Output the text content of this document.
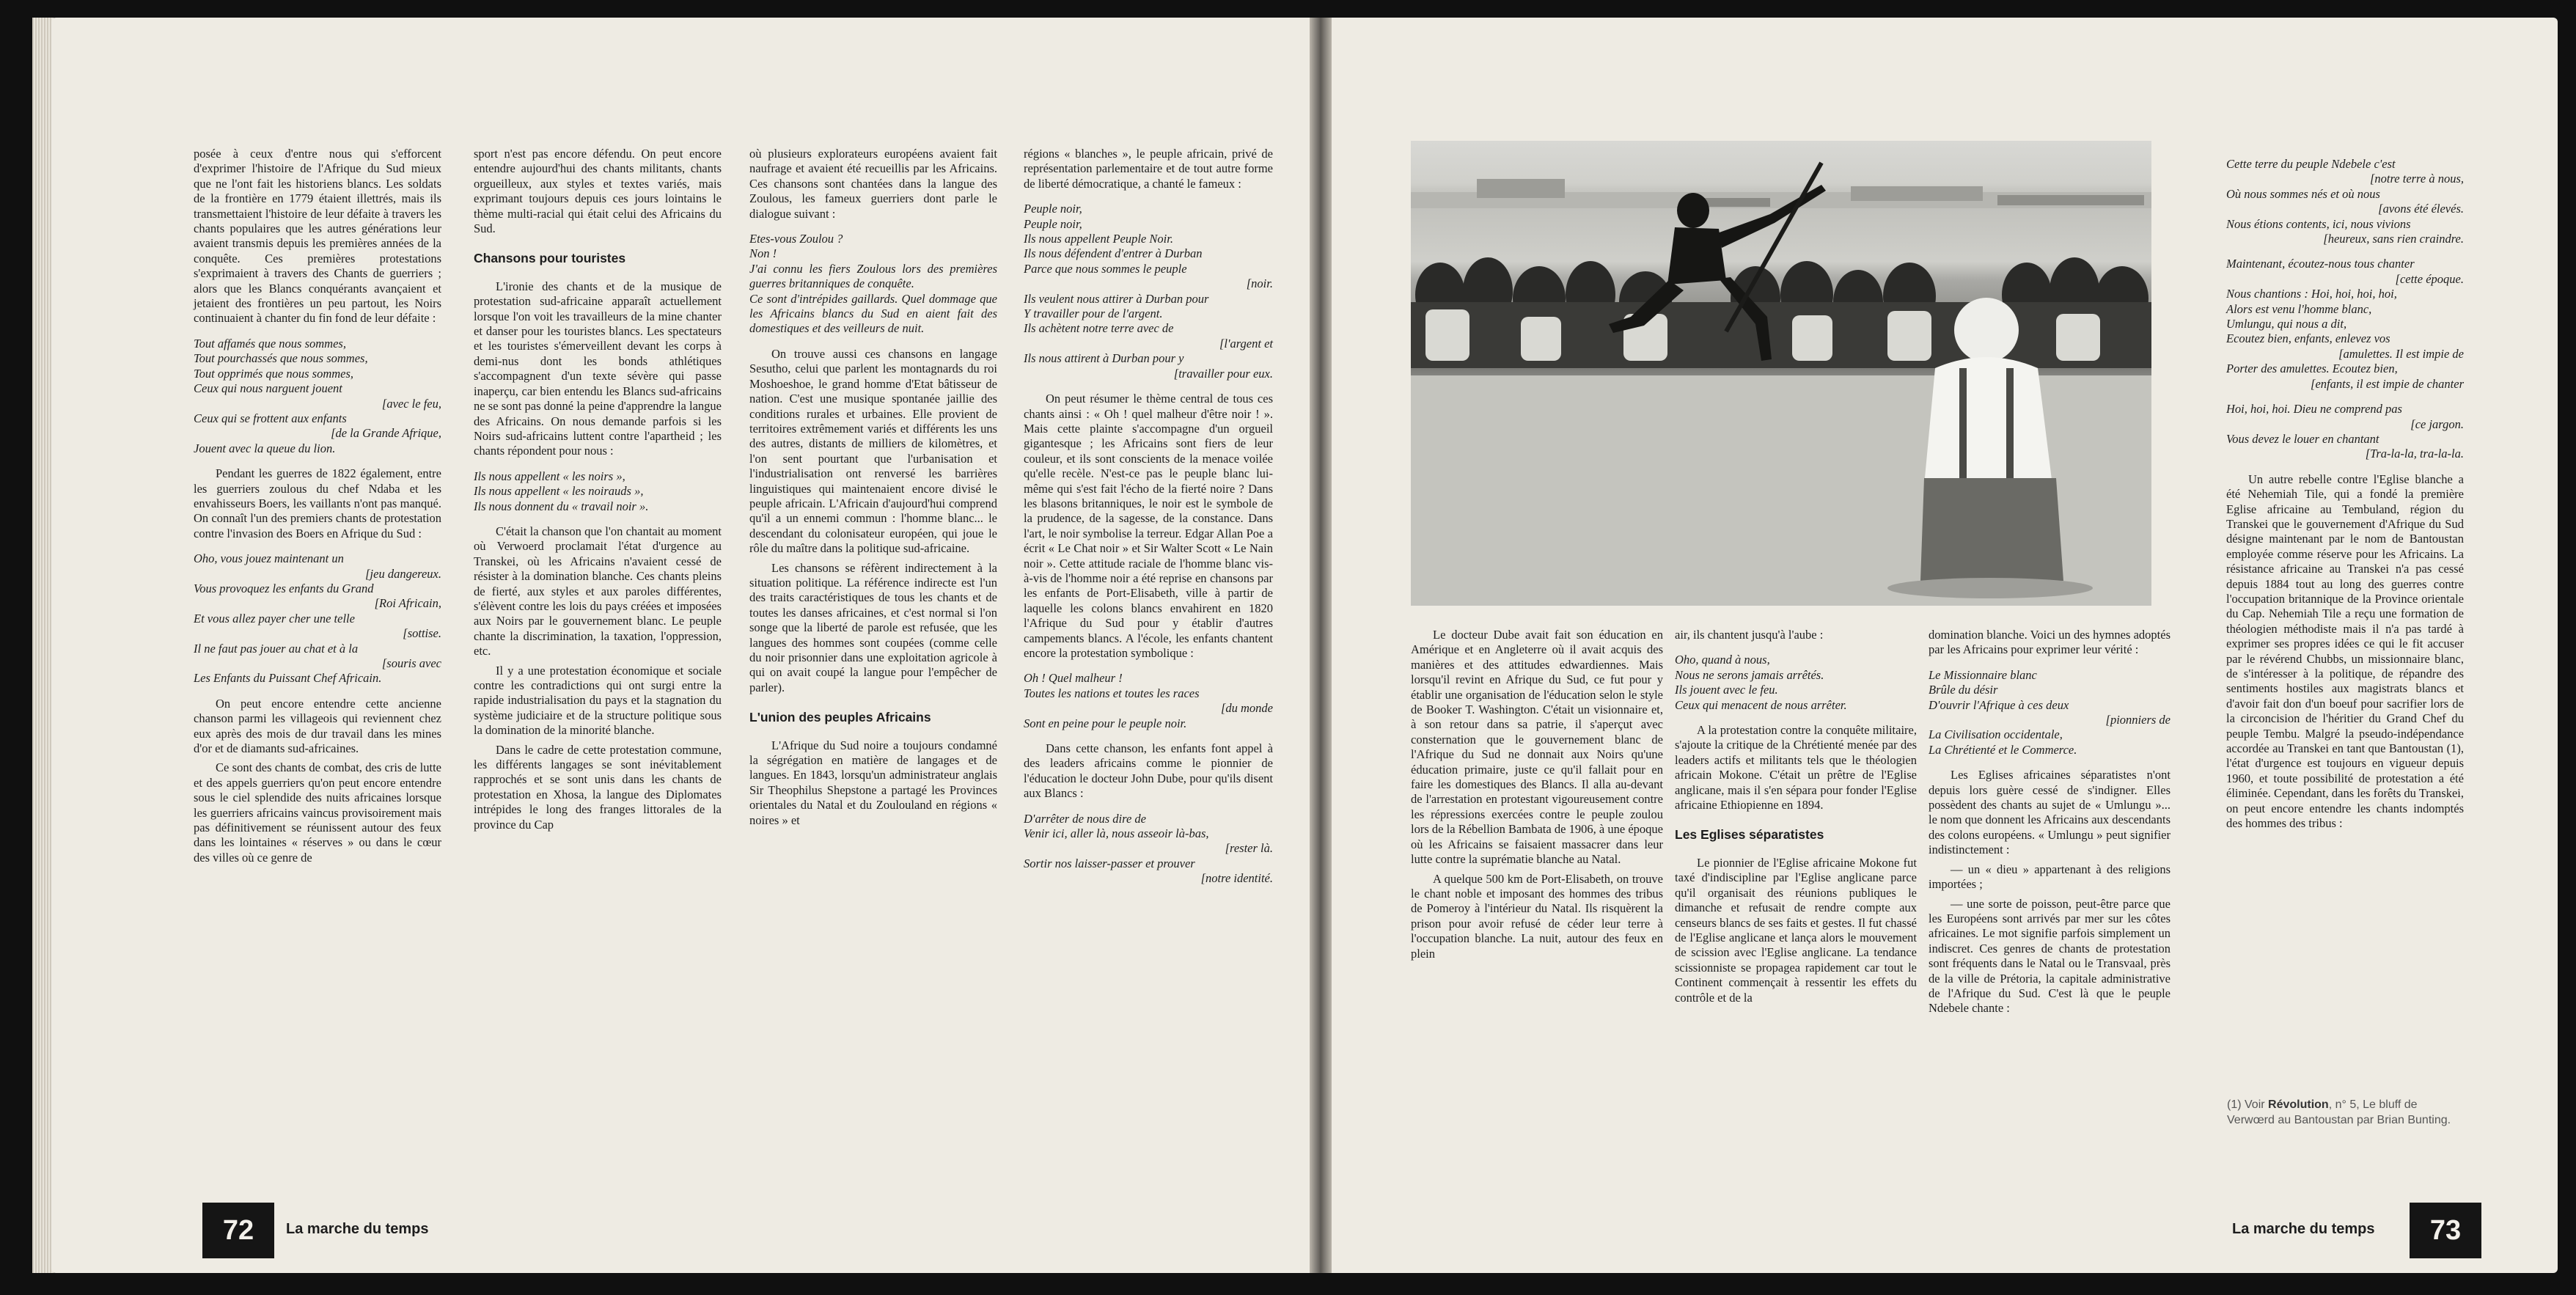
posée à ceux d'entre nous qui s'efforcent d'exprimer l'histoire de l'Afrique du Sud mieux que ne l'ont fait les historiens blancs. Les soldats de la frontière en 1779 étaient illettrés, mais ils transmettaient l'histoire de leur défaite à travers les chants populaires que les autres générations leur avaient transmis depuis les premières années de la conquête. Ces premières protestations s'exprimaient à travers des Chants de guerriers ; alors que les Blancs conquérants avançaient et jetaient des frontières un peu partout, les Noirs continuaient à chanter du fin fond de leur défaite :

Tout affamés que nous sommes,
Tout pourchassés que nous sommes,
Tout opprimés que nous sommes,
Ceux qui nous narguent jouent
[avec le feu,
Ceux qui se frottent aux enfants
[de la Grande Afrique,
Jouent avec la queue du lion.

Pendant les guerres de 1822 également, entre les guerriers zoulous du chef Ndaba et les envahisseurs Boers, les vaillants n'ont pas manqué. On connaît l'un des premiers chants de protestation contre l'invasion des Boers en Afrique du Sud :

Oho, vous jouez maintenant un
[jeu dangereux.
Vous provoquez les enfants du Grand
[Roi Africain,
Et vous allez payer cher une telle
[sottise.
Il ne faut pas jouer au chat et à la
[souris avec
Les Enfants du Puissant Chef Africain.

On peut encore entendre cette ancienne chanson parmi les villageois qui reviennent chez eux après des mois de dur travail dans les mines d'or et de diamants sud-africaines.

Ce sont des chants de combat, des cris de lutte et des appels guerriers qu'on peut encore entendre sous le ciel splendide des nuits africaines lorsque les guerriers africains vaincus provisoirement mais pas définitivement se réunissent autour des feux dans les lointaines « réserves » ou dans le cœur des villes où ce genre de

sport n'est pas encore défendu. On peut encore entendre aujourd'hui des chants militants, chants orgueilleux, aux styles et textes variés, mais exprimant toujours depuis ces jours lointains le thème multi-racial qui était celui des Africains du Sud.

Chansons pour touristes

L'ironie des chants et de la musique de protestation sud-africaine apparaît actuellement lorsque l'on voit les travailleurs de la mine chanter et danser pour les touristes blancs. Les spectateurs et les touristes s'émerveillent devant les corps à demi-nus dont les bonds athlétiques s'accompagnent d'un texte sévère qui passe inaperçu, car bien entendu les Blancs sud-africains ne se sont pas donné la peine d'apprendre la langue des Africains. On nous demande parfois si les Noirs sud-africains luttent contre l'apartheid ; les chants répondent pour nous :

Ils nous appellent « les noirs »,
Ils nous appellent « les noirauds »,
Ils nous donnent du « travail noir ».

C'était la chanson que l'on chantait au moment où Verwoerd proclamait l'état d'urgence au Transkei, où les Africains n'avaient cessé de résister à la domination blanche. Ces chants pleins de fierté, aux styles et aux paroles différentes, s'élèvent contre les lois du pays créées et imposées aux Noirs par le gouvernement blanc. Le peuple chante la discrimination, la taxation, l'oppression, etc.

Il y a une protestation économique et sociale contre les contradictions qui ont surgi entre la rapide industrialisation du pays et la stagnation du système judiciaire et de la structure politique sous la domination de la minorité blanche.

Dans le cadre de cette protestation commune, les différents langages se sont inévitablement rapprochés et se sont unis dans les chants de protestation en Xhosa, la langue des Diplomates intrépides le long des franges littorales de la province du Cap

où plusieurs explorateurs européens avaient fait naufrage et avaient été recueillis par les Africains. Ces chansons sont chantées dans la langue des Zoulous, les fameux guerriers dont parle le dialogue suivant :

Etes-vous Zoulou ?
Non !
J'ai connu les fiers Zoulous lors des premières guerres britanniques de conquête.
Ce sont d'intrépides gaillards. Quel dommage que les Africains blancs du Sud en aient fait des domestiques et des veilleurs de nuit.

On trouve aussi ces chansons en langage Sesutho, celui que parlent les montagnards du roi Moshoeshoe, le grand homme d'Etat bâtisseur de nation. C'est une musique spontanée jaillie des conditions rurales et urbaines. Elle provient de territoires extrêmement variés et différents les uns des autres, distants de milliers de kilomètres, et l'on sent pourtant que l'urbanisation et l'industrialisation ont renversé les barrières linguistiques qui maintenaient encore divisé le peuple africain. L'Africain d'aujourd'hui comprend qu'il a un ennemi commun : l'homme blanc... le descendant du colonisateur européen, qui joue le rôle du maître dans la politique sud-africaine.

Les chansons se réfèrent indirectement à la situation politique. La référence indirecte est l'un des traits caractéristiques de tous les chants et de toutes les danses africaines, et c'est normal si l'on songe que la liberté de parole est refusée, que les langues des hommes sont coupées (comme celle du noir prisonnier dans une exploitation agricole à qui on avait coupé la langue pour l'empêcher de parler).

L'union des peuples Africains

L'Afrique du Sud noire a toujours condamné la ségrégation en matière de langages et de langues. En 1843, lorsqu'un administrateur anglais Sir Theophilus Shepstone a partagé les Provinces orientales du Natal et du Zoulouland en régions « noires » et

régions « blanches », le peuple africain, privé de représentation parlementaire et de tout autre forme de liberté démocratique, a chanté le fameux :

Peuple noir,
Peuple noir,
Ils nous appellent Peuple Noir.
Ils nous défendent d'entrer à Durban
Parce que nous sommes le peuple
[noir.
Ils veulent nous attirer à Durban pour
Y travailler pour de l'argent.
Ils achètent notre terre avec de
[l'argent et
Ils nous attirent à Durban pour y
[travailler pour eux.

On peut résumer le thème central de tous ces chants ainsi : « Oh ! quel malheur d'être noir ! ». Mais cette plainte s'accompagne d'un orgueil gigantesque ; les Africains sont fiers de leur couleur, et ils sont conscients de la menace voilée qu'elle recèle. N'est-ce pas le peuple blanc lui-même qui s'est fait l'écho de la fierté noire ? Dans les blasons britanniques, le noir est le symbole de la prudence, de la sagesse, de la constance. Dans l'art, le noir symbolise la terreur. Edgar Allan Poe a écrit « Le Chat noir » et Sir Walter Scott « Le Nain noir ». Cette attitude raciale de l'homme blanc vis-à-vis de l'homme noir a été reprise en chansons par les enfants de Port-Elisabeth, ville à partir de laquelle les colons blancs envahirent en 1820 l'Afrique du Sud pour y établir d'autres campements blancs. A l'école, les enfants chantent encore la protestation symbolique :

Oh ! Quel malheur !
Toutes les nations et toutes les races
[du monde
Sont en peine pour le peuple noir.

Dans cette chanson, les enfants font appel à des leaders africains comme le pionnier de l'éducation le docteur John Dube, pour qu'ils disent aux Blancs :

D'arrêter de nous dire de
Venir ici, aller là, nous asseoir là-bas,
[rester là.
Sortir nos laisser-passer et prouver
[notre identité.
72	La marche du temps

Le docteur Dube avait fait son éducation en Amérique et en Angleterre où il avait acquis des manières et des attitudes edwardiennes. Mais lorsqu'il revint en Afrique du Sud, ce fut pour y établir une organisation de l'éducation selon le style de Booker T. Washington. C'était un visionnaire et, à son retour dans sa patrie, il s'aperçut avec consternation que le gouvernement blanc de l'Afrique du Sud ne donnait aux Noirs qu'une éducation primaire, juste ce qu'il fallait pour en faire les domestiques des Blancs. Il alla au-devant de l'arrestation en protestant vigoureusement contre les répressions exercées contre le peuple zoulou lors de la Rébellion Bambata de 1906, à une époque où les Africains se faisaient massacrer dans leur lutte contre la suprématie blanche au Natal.

A quelque 500 km de Port-Elisabeth, on trouve le chant noble et imposant des hommes des tribus de Pomeroy à l'intérieur du Natal. Ils risquèrent la prison pour avoir refusé de céder leur terre à l'occupation blanche. La nuit, autour des feux en plein

air, ils chantent jusqu'à l'aube :

Oho, quand à nous,
Nous ne serons jamais arrêtés.
Ils jouent avec le feu.
Ceux qui menacent de nous arrêter.

A la protestation contre la conquête militaire, s'ajoute la critique de la Chrétienté menée par des leaders actifs et militants tels que le théologien africain Mokone. C'était un prêtre de l'Eglise anglicane, mais il s'en sépara pour fonder l'Eglise africaine Ethiopienne en 1894.

Les Eglises séparatistes

Le pionnier de l'Eglise africaine Mokone fut taxé d'indiscipline par l'Eglise anglicane parce qu'il organisait des réunions publiques le dimanche et refusait de rendre compte aux censeurs blancs de ses faits et gestes. Il fut chassé de l'Eglise anglicane et lança alors le mouvement de scission avec l'Eglise anglicane. La tendance scissionniste se propagea rapidement car tout le Continent commençait à ressentir les effets du contrôle et de la

domination blanche. Voici un des hymnes adoptés par les Africains pour exprimer leur vérité :

Le Missionnaire blanc
Brûle du désir
D'ouvrir l'Afrique à ces deux
[pionniers de
La Civilisation occidentale,
La Chrétienté et le Commerce.

Les Eglises africaines séparatistes n'ont depuis lors guère cessé de s'indigner. Elles possèdent des chants au sujet de « Umlungu »... le nom que donnent les Africains aux descendants des colons européens. « Umlungu » peut signifier indistinctement :

— un « dieu » appartenant à des religions importées ;

— une sorte de poisson, peut-être parce que les Européens sont arrivés par mer sur les côtes africaines. Le mot signifie parfois simplement un indiscret. Ces genres de chants de protestation sont fréquents dans le Natal ou le Transvaal, près de la ville de Prétoria, la capitale administrative de l'Afrique du Sud. C'est là que le peuple Ndebele chante :

Cette terre du peuple Ndebele c'est
[notre terre à nous,
Où nous sommes nés et où nous
[avons été élevés.
Nous étions contents, ici, nous vivions
[heureux, sans rien craindre.
Maintenant, écoutez-nous tous chanter
[cette époque.
Nous chantions : Hoi, hoi, hoi, hoi,
Alors est venu l'homme blanc,
Umlungu, qui nous a dit,
Ecoutez bien, enfants, enlevez vos
[amulettes. Il est impie de
Porter des amulettes. Ecoutez bien,
[enfants, il est impie de chanter
Hoi, hoi, hoi. Dieu ne comprend pas
[ce jargon.
Vous devez le louer en chantant
[Tra-la-la, tra-la-la.

Un autre rebelle contre l'Eglise blanche a été Nehemiah Tile, qui a fondé la première Eglise africaine au Tembuland, région du Transkei que le gouvernement d'Afrique du Sud désigne maintenant par le nom de Bantoustan employée comme réserve pour les Africains. La résistance africaine au Transkei n'a pas cessé depuis 1884 tout au long des guerres contre l'occupation britannique de la Province orientale du Cap. Nehemiah Tile a reçu une formation de théologien méthodiste mais il n'a pas tardé à exprimer ses propres idées ce qui le fit accuser par le révérend Chubbs, un missionnaire blanc, de s'intéresser à la politique, de répandre des sentiments hostiles aux magistrats blancs et d'avoir fait don d'un boeuf pour sacrifier lors de la circoncision de l'héritier du Grand Chef du peuple Tembu. Malgré la pseudo-indépendance accordée au Transkei en tant que Bantoustan (1), l'état d'urgence est toujours en vigueur depuis 1960, et toute possibilité de protestation a été éliminée. Cependant, dans les forêts du Transkei, on peut encore entendre les chants indomptés des hommes des tribus :

(1) Voir Révolution, n° 5, Le bluff de Verwœrd au Bantoustan par Brian Bunting.
La marche du temps	73
